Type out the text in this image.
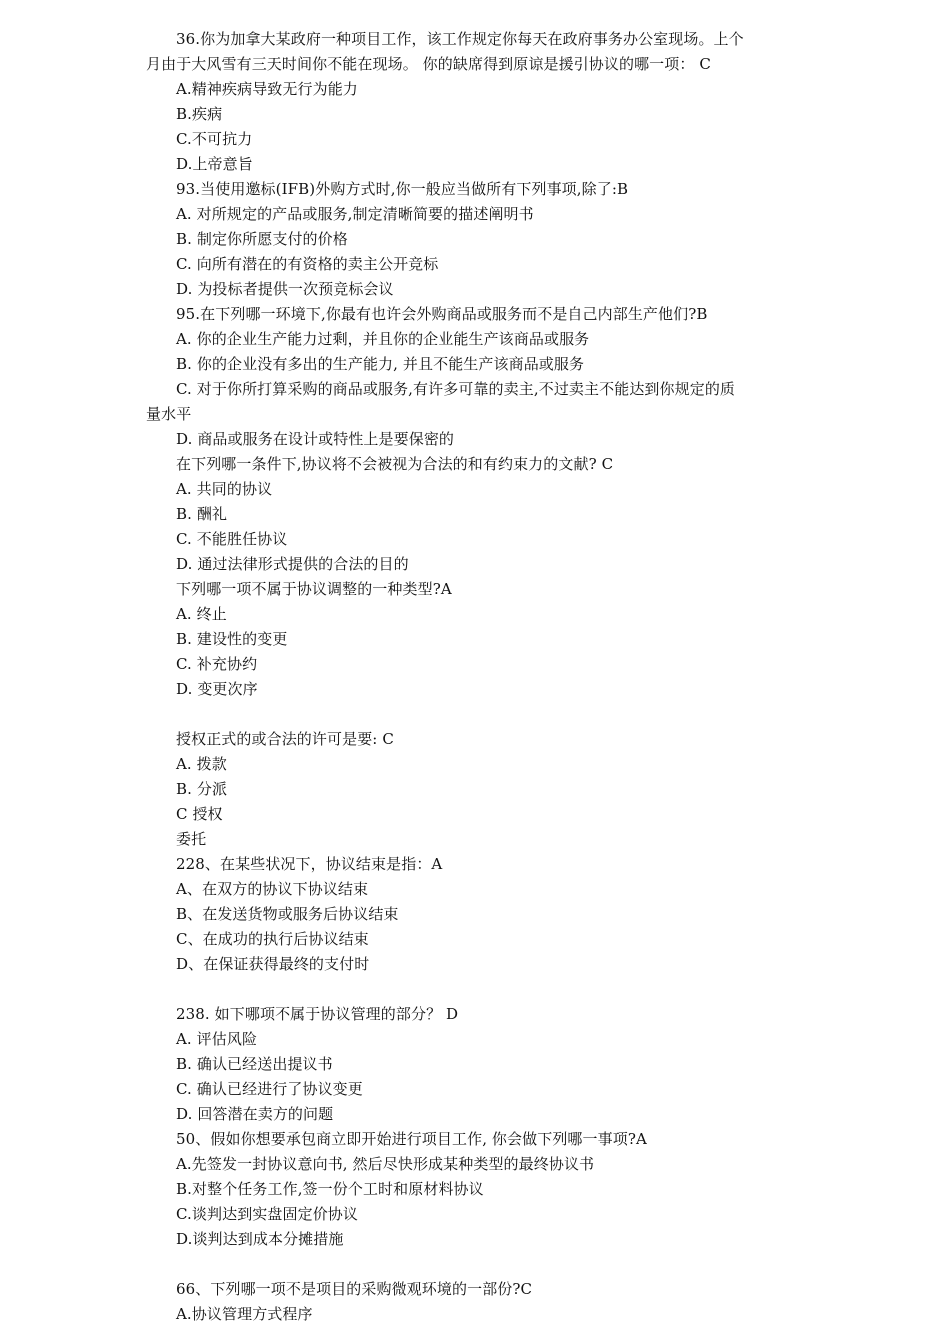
36.你为加拿大某政府一种项目工作，该工作规定你每天在政府事务办公室现场。上个
月由于大风雪有三天时间你不能在现场。 你的缺席得到原谅是援引协议的哪一项： C
A.精神疾病导致无行为能力
B.疾病
C.不可抗力
D.上帝意旨
93.当使用邀标(IFB)外购方式时,你一般应当做所有下列事项,除了:B
A. 对所规定的产品或服务,制定清晰简要的描述阐明书
B. 制定你所愿支付的价格
C. 向所有潜在的有资格的卖主公开竞标
D. 为投标者提供一次预竞标会议
95.在下列哪一环境下,你最有也许会外购商品或服务而不是自己内部生产他们?B
A. 你的企业生产能力过剩，并且你的企业能生产该商品或服务
B. 你的企业没有多出的生产能力, 并且不能生产该商品或服务
C. 对于你所打算采购的商品或服务,有许多可靠的卖主,不过卖主不能达到你规定的质
量水平
D. 商品或服务在设计或特性上是要保密的
在下列哪一条件下,协议将不会被视为合法的和有约束力的文献? C
A. 共同的协议
B. 酬礼
C. 不能胜任协议
D. 通过法律形式提供的合法的目的
下列哪一项不属于协议调整的一种类型?A
A. 终止
B. 建设性的变更
C. 补充协约
D. 变更次序
授权正式的或合法的许可是要: C
A. 拨款
B. 分派
C 授权
委托
228、在某些状况下，协议结束是指：A
A、在双方的协议下协议结束
B、在发送货物或服务后协议结束
C、在成功的执行后协议结束
D、在保证获得最终的支付时
238. 如下哪项不属于协议管理的部分？ D
A. 评估风险
B. 确认已经送出提议书
C. 确认已经进行了协议变更
D. 回答潜在卖方的问题
50、假如你想要承包商立即开始进行项目工作, 你会做下列哪一事项?A
A.先签发一封协议意向书, 然后尽快形成某种类型的最终协议书
B.对整个任务工作,签一份个工时和原材料协议
C.谈判达到实盘固定价协议
D.谈判达到成本分摊措施
66、下列哪一项不是项目的采购微观环境的一部份?C
A.协议管理方式程序
